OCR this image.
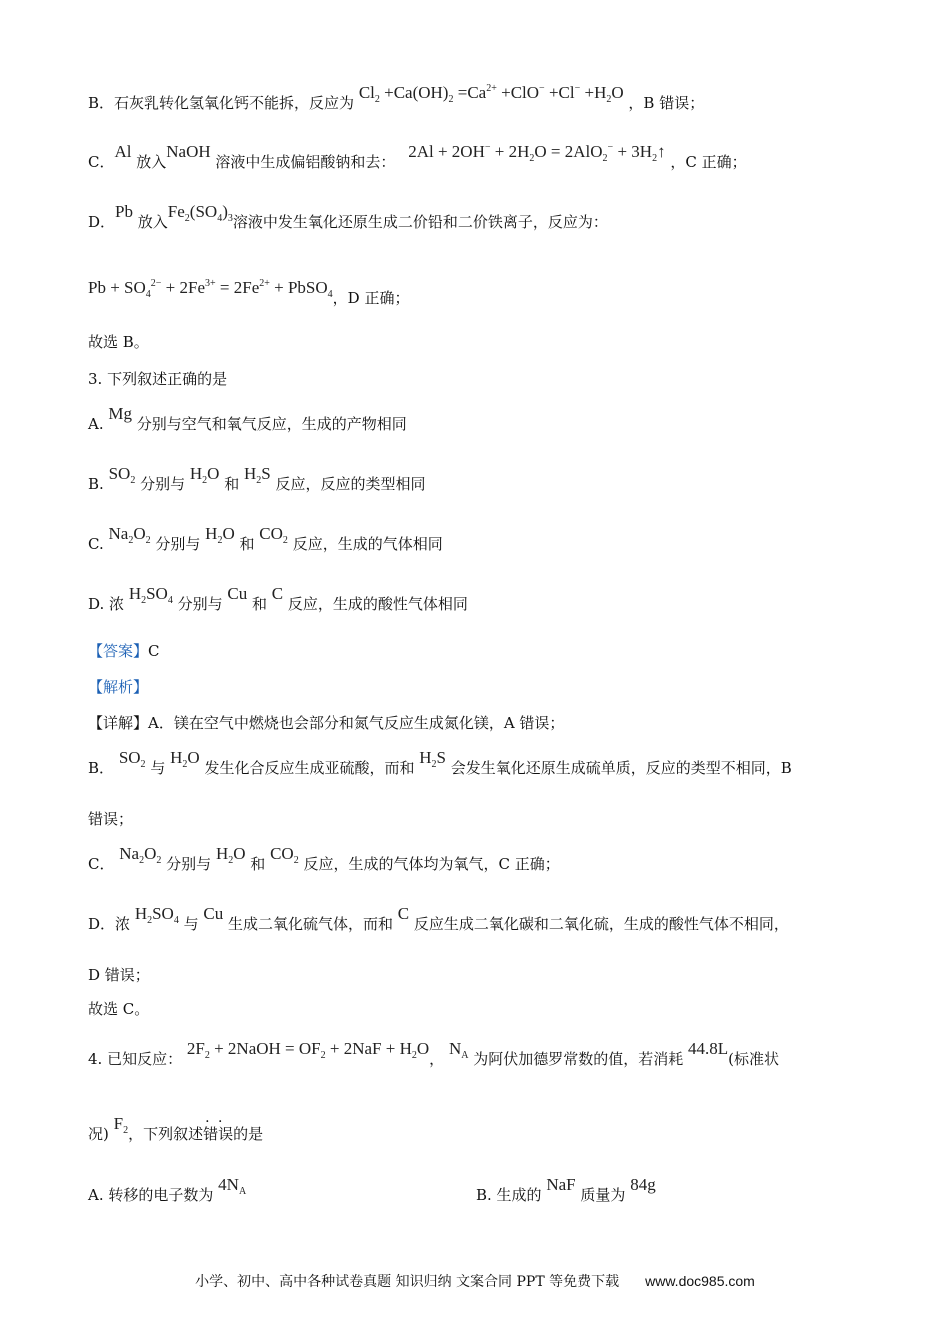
B．石灰乳转化氢氧化钙不能拆，反应为 $Cl_2 +Ca(OH)_2 =Ca^{2+} +ClO^- +Cl^- +H_2O$ ，B 错误；
C．Al 放入NaOH 溶液中生成偏铝酸钠和去： $2Al + 2OH^- + 2H_2O = 2AlO_2^-$ + $3H_2↑$ ，C 正确；
D．Pb 放入$Fe_2(SO_4)_3$溶液中发生氧化还原生成二价铅和二价铁离子，反应为：
$Pb + SO_4^{2-} + 2Fe^{3+} = 2Fe^{2+}$ + PbSO$_4$，D 正确；
故选 B。
3. 下列叙述正确的是
A. Mg 分别与空气和氧气反应，生成的产物相同
B. $SO_2$ 分别与 $H_2O$ 和 $H_2S$ 反应，反应的类型相同
C. $Na_2O_2$ 分别与 $H_2O$ 和 $CO_2$ 反应，生成的气体相同
D. 浓 $H_2SO_4$ 分别与 Cu 和 C 反应，生成的酸性气体相同
【答案】C
【解析】
【详解】A．镁在空气中燃烧也会部分和氮气反应生成氮化镁，A 错误；
B． $SO_2$ 与 $H_2O$ 发生化合反应生成亚硫酸，而和 $H_2S$ 会发生氧化还原生成硫单质，反应的类型不相同，B
错误；
C． $Na_2O_2$ 分别与 $H_2O$ 和 $CO_2$ 反应，生成的气体均为氧气，C 正确；
D．浓 $H_2SO_4$ 与 Cu 生成二氧化硫气体，而和 C 反应生成二氧化碳和二氧化硫，生成的酸性气体不相同，
D 错误；
故选 C。
4. 已知反应： $2F_2$ + 2NaOH = $OF_2 + 2NaF + H_2O$， $N_A$ 为阿伏加德罗常数的值，若消耗 44.8L(标准状
况) $F_2$，下列叙述· · 错误的是
A. 转移的电子数为 $4N_A$	B. 生成的 NaF 质量为 84g
小学、初中、高中各种试卷真题 知识归纳 文案合同 PPT 等免费下载 www.doc985.com
